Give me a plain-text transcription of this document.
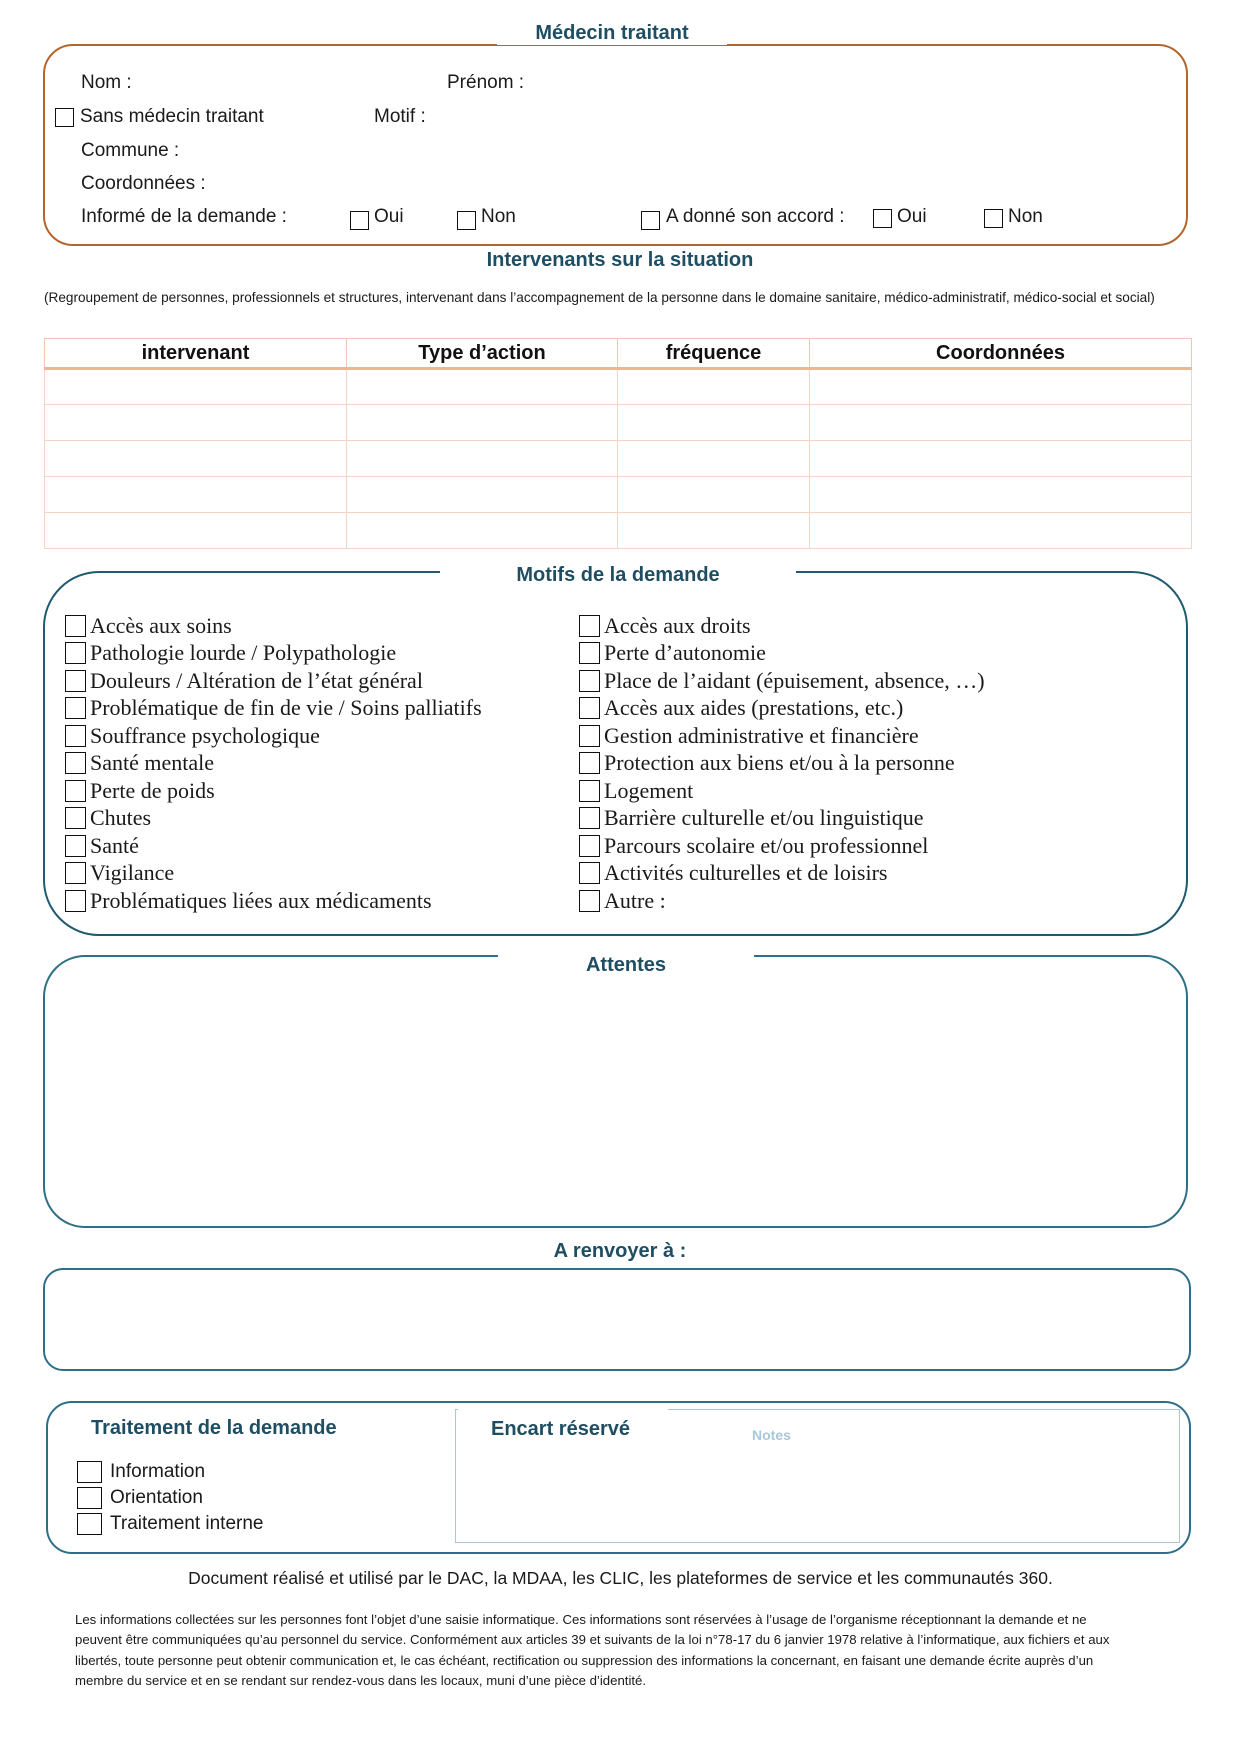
Médecin traitant
Nom :	Prénom :
Sans médecin traitant	Motif :
Commune :
Coordonnées :
Informé de la demande :	Oui	Non	A donné son accord :	Oui	Non
Intervenants sur la situation
(Regroupement de personnes, professionnels et structures, intervenant dans l’accompagnement de la personne dans le domaine sanitaire, médico-administratif, médico-social et social)
intervenant	Type d’action	fréquence	Coordonnées

Motifs de la demande
Accès aux soins
Pathologie lourde / Polypathologie
Douleurs / Altération de l’état général
Problématique de fin de vie / Soins palliatifs
Souffrance psychologique
Santé mentale
Perte de poids
Chutes
Santé
Vigilance
Problématiques liées aux médicaments
Accès aux droits
Perte d’autonomie
Place de l’aidant (épuisement, absence, …)
Accès aux aides (prestations, etc.)
Gestion administrative et financière
Protection aux biens et/ou à la personne
Logement
Barrière culturelle et/ou linguistique
Parcours scolaire et/ou professionnel
Activités culturelles et de loisirs
Autre :
Attentes
A renvoyer à :
Traitement de la demande
Information
Orientation
Traitement interne
Encart réservé	Notes
Document réalisé et utilisé par le DAC, la MDAA, les CLIC, les plateformes de service et les communautés 360.
Les informations collectées sur les personnes font l’objet d’une saisie informatique. Ces informations sont réservées à l’usage de l’organisme réceptionnant la demande et ne peuvent être communiquées qu’au personnel du service. Conformément aux articles 39 et suivants de la loi n°78-17 du 6 janvier 1978 relative à l’informatique, aux fichiers et aux libertés, toute personne peut obtenir communication et, le cas échéant, rectification ou suppression des informations la concernant, en faisant une demande écrite auprès d’un membre du service et en se rendant sur rendez-vous dans les locaux, muni d’une pièce d’identité.
